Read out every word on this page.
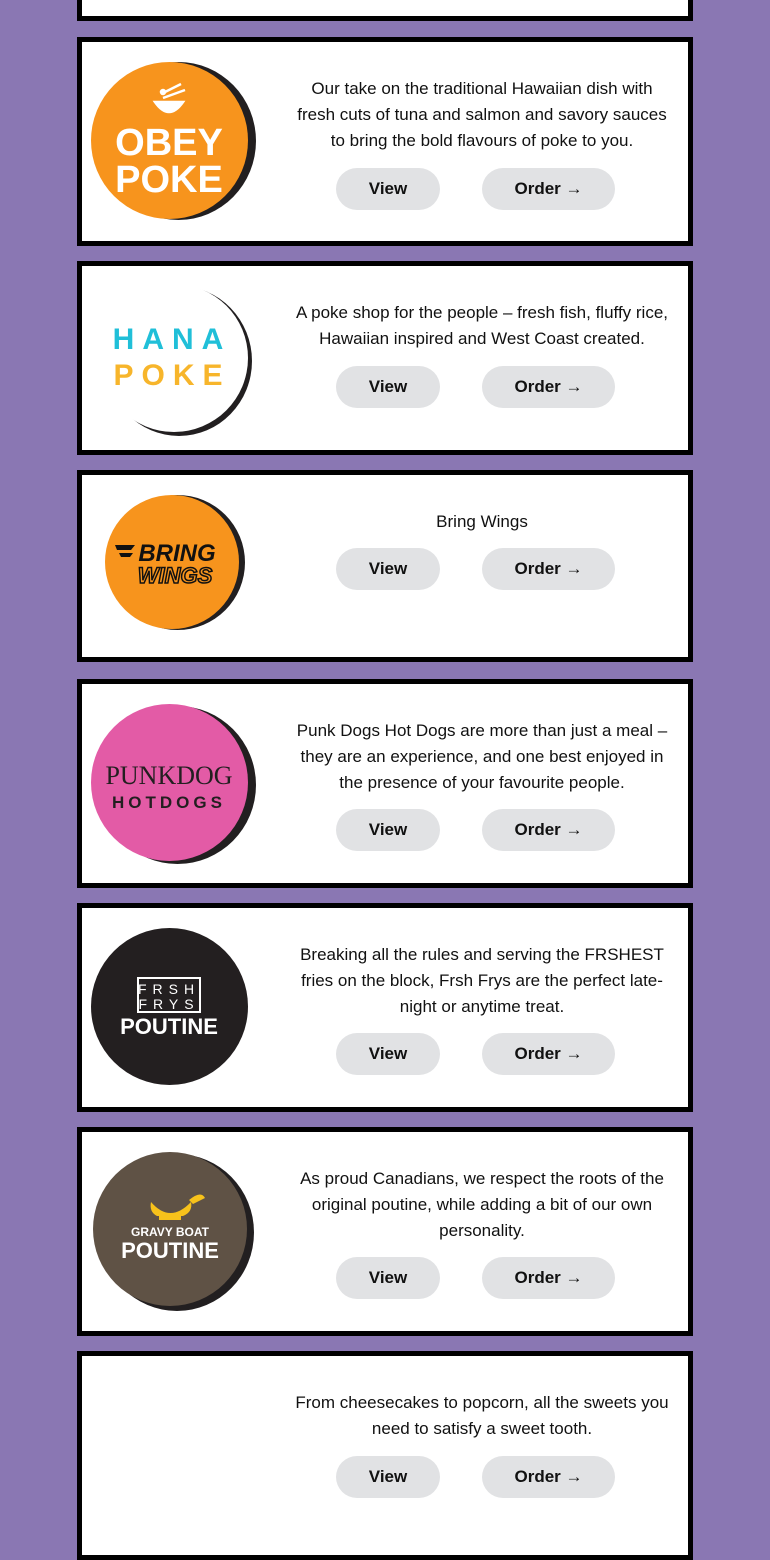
OBEY
POKE

Our take on the traditional Hawaiian dish with fresh cuts of tuna and salmon and savory sauces to bring the bold flavours of poke to you.

View	Order →
HANA
POKE

A poke shop for the people – fresh fish, fluffy rice, Hawaiian inspired and West Coast created.

View	Order →
BRING
WINGS

Bring Wings

View	Order →
PUNKDOG
HOTDOGS

Punk Dogs Hot Dogs are more than just a meal – they are an experience, and one best enjoyed in the presence of your favourite people.

View	Order →
FRSH
FRYS
POUTINE

Breaking all the rules and serving the FRSHEST fries on the block, Frsh Frys are the perfect late-night or anytime treat.

View	Order →
GRAVY BOAT
POUTINE

As proud Canadians, we respect the roots of the original poutine, while adding a bit of our own personality.

View	Order →

From cheesecakes to popcorn, all the sweets you need to satisfy a sweet tooth.

View	Order →
